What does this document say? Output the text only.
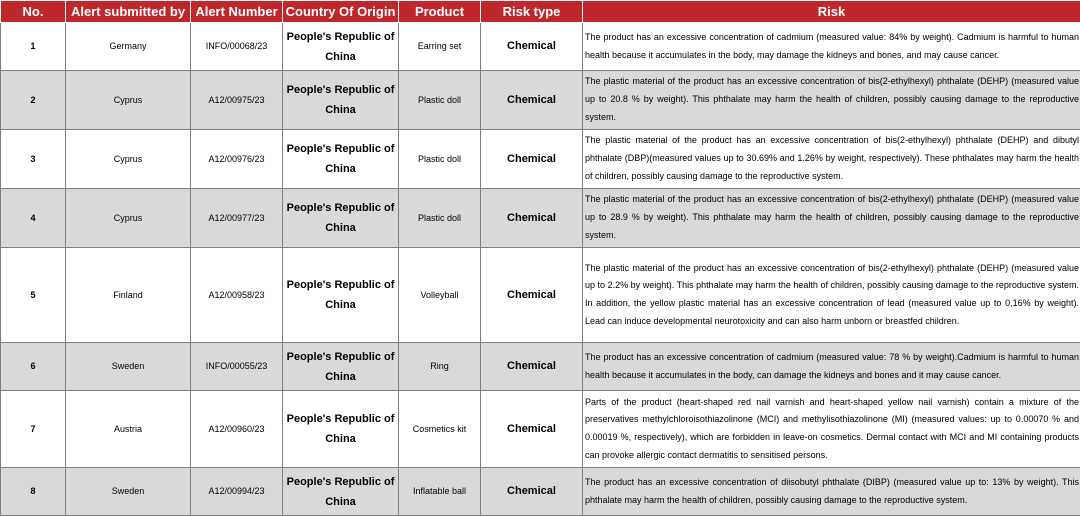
No.	Alert submitted by	Alert Number	Country Of Origin	Product	Risk type	Risk
1	Germany	INFO/00068/23	People's Republic of China	Earring set	Chemical	The product has an excessive concentration of cadmium (measured value: 84% by weight). Cadmium is harmful to human health because it accumulates in the body, may damage the kidneys and bones, and may cause cancer.
2	Cyprus	A12/00975/23	People's Republic of China	Plastic doll	Chemical	The plastic material of the product has an excessive concentration of bis(2-ethylhexyl) phthalate (DEHP) (measured value up to 20.8 % by weight). This phthalate may harm the health of children, possibly causing damage to the reproductive system.
3	Cyprus	A12/00976/23	People's Republic of China	Plastic doll	Chemical	The plastic material of the product has an excessive concentration of bis(2-ethylhexyl) phthalate (DEHP) and dibutyl phthalate (DBP)(measured values up to 30.69% and 1.26% by weight, respectively). These phthalates may harm the health of children, possibly causing damage to the reproductive system.
4	Cyprus	A12/00977/23	People's Republic of China	Plastic doll	Chemical	The plastic material of the product has an excessive concentration of bis(2-ethylhexyl) phthalate (DEHP) (measured value up to 28.9 % by weight). This phthalate may harm the health of children, possibly causing damage to the reproductive system.
5	Finland	A12/00958/23	People's Republic of China	Volleyball	Chemical	The plastic material of the product has an excessive concentration of bis(2-ethylhexyl) phthalate (DEHP) (measured value up to 2.2% by weight). This phthalate may harm the health of children, possibly causing damage to the reproductive system. In addition, the yellow plastic material has an excessive concentration of lead (measured value up to 0,16% by weight). Lead can induce developmental neurotoxicity and can also harm unborn or breastfed children.
6	Sweden	INFO/00055/23	People's Republic of China	Ring	Chemical	The product has an excessive concentration of cadmium (measured value: 78 % by weight).Cadmium is harmful to human health because it accumulates in the body, can damage the kidneys and bones and it may cause cancer.
7	Austria	A12/00960/23	People's Republic of China	Cosmetics kit	Chemical	Parts of the product (heart-shaped red nail varnish and heart-shaped yellow nail varnish) contain a mixture of the preservatives methylchloroisothiazolinone (MCI) and methylisothiazolinone (MI) (measured values: up to 0.00070 % and 0.00019 %, respectively), which are forbidden in leave-on cosmetics. Dermal contact with MCI and MI containing products can provoke allergic contact dermatitis to sensitised persons.
8	Sweden	A12/00994/23	People's Republic of China	Inflatable ball	Chemical	The product has an excessive concentration of diisobutyl phthalate (DIBP) (measured value up to: 13% by weight). This phthalate may harm the health of children, possibly causing damage to the reproductive system.
